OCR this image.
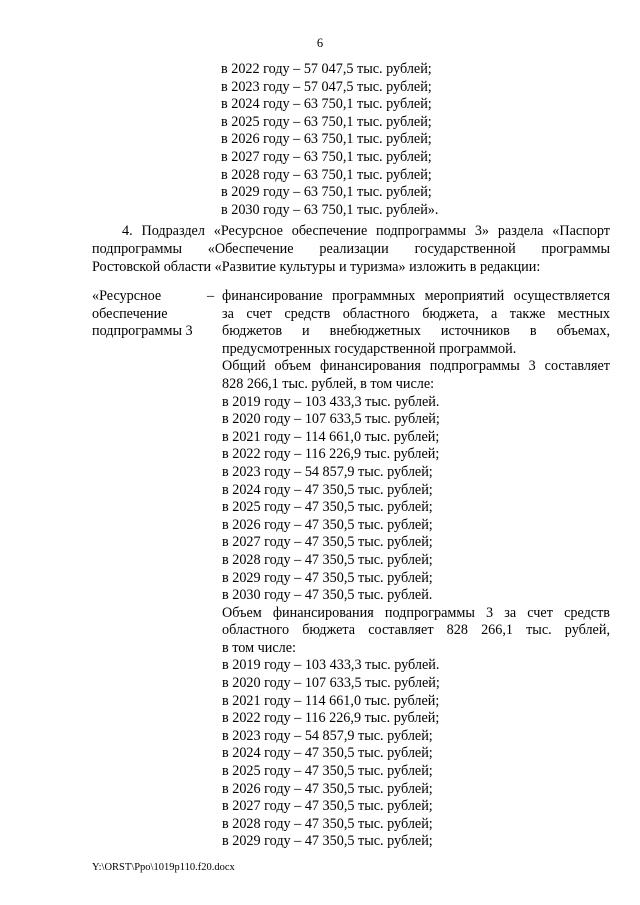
6
в 2022 году – 57 047,5 тыс. рублей;
в 2023 году – 57 047,5 тыс. рублей;
в 2024 году – 63 750,1 тыс. рублей;
в 2025 году – 63 750,1 тыс. рублей;
в 2026 году – 63 750,1 тыс. рублей;
в 2027 году – 63 750,1 тыс. рублей;
в 2028 году – 63 750,1 тыс. рублей;
в 2029 году – 63 750,1 тыс. рублей;
в 2030 году – 63 750,1 тыс. рублей».
4. Подраздел «Ресурсное обеспечение подпрограммы 3» раздела «Паспорт
подпрограммы «Обеспечение реализации государственной программы
Ростовской области «Развитие культуры и туризма» изложить в редакции:
«Ресурсное
обеспечение
подпрограммы 3
– финансирование программных мероприятий осуществляется
за счет средств областного бюджета, а также местных
бюджетов и внебюджетных источников в объемах,
предусмотренных государственной программой.
Общий объем финансирования подпрограммы 3 составляет
828 266,1 тыс. рублей, в том числе:
в 2019 году – 103 433,3 тыс. рублей.
в 2020 году – 107 633,5 тыс. рублей;
в 2021 году – 114 661,0 тыс. рублей;
в 2022 году – 116 226,9 тыс. рублей;
в 2023 году – 54 857,9 тыс. рублей;
в 2024 году – 47 350,5 тыс. рублей;
в 2025 году – 47 350,5 тыс. рублей;
в 2026 году – 47 350,5 тыс. рублей;
в 2027 году – 47 350,5 тыс. рублей;
в 2028 году – 47 350,5 тыс. рублей;
в 2029 году – 47 350,5 тыс. рублей;
в 2030 году – 47 350,5 тыс. рублей.
Объем финансирования подпрограммы 3 за счет средств
областного бюджета составляет 828 266,1 тыс. рублей,
в том числе:
в 2019 году – 103 433,3 тыс. рублей.
в 2020 году – 107 633,5 тыс. рублей;
в 2021 году – 114 661,0 тыс. рублей;
в 2022 году – 116 226,9 тыс. рублей;
в 2023 году – 54 857,9 тыс. рублей;
в 2024 году – 47 350,5 тыс. рублей;
в 2025 году – 47 350,5 тыс. рублей;
в 2026 году – 47 350,5 тыс. рублей;
в 2027 году – 47 350,5 тыс. рублей;
в 2028 году – 47 350,5 тыс. рублей;
в 2029 году – 47 350,5 тыс. рублей;
Y:\ORST\Ppo\1019p110.f20.docx
